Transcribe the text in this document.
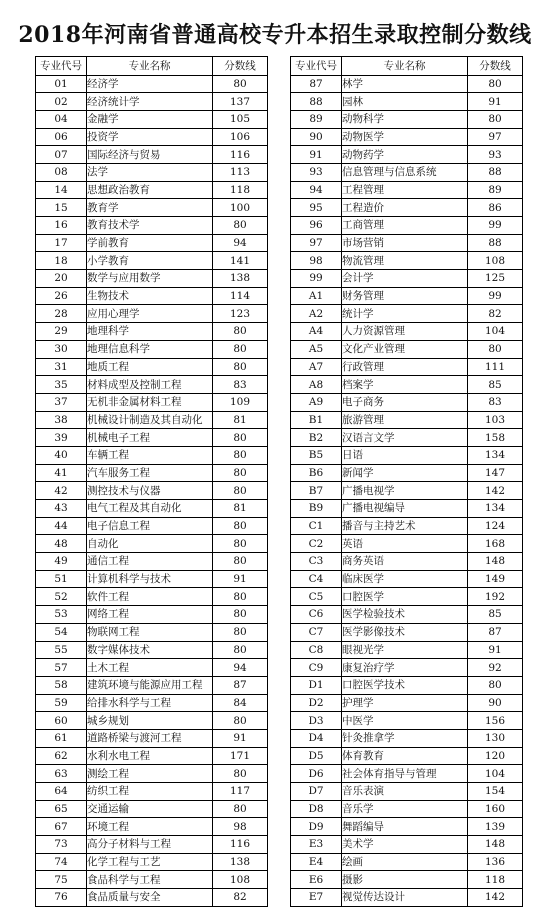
2018年河南省普通高校专升本招生录取控制分数线
专业代号	专业名称	分数线
01	经济学	80
02	经济统计学	137
04	金融学	105
06	投资学	106
07	国际经济与贸易	116
08	法学	113
14	思想政治教育	118
15	教育学	100
16	教育技术学	80
17	学前教育	94
18	小学教育	141
20	数学与应用数学	138
26	生物技术	114
28	应用心理学	123
29	地理科学	80
30	地理信息科学	80
31	地质工程	80
35	材料成型及控制工程	83
37	无机非金属材料工程	109
38	机械设计制造及其自动化	81
39	机械电子工程	80
40	车辆工程	80
41	汽车服务工程	80
42	测控技术与仪器	80
43	电气工程及其自动化	81
44	电子信息工程	80
48	自动化	80
49	通信工程	80
51	计算机科学与技术	91
52	软件工程	80
53	网络工程	80
54	物联网工程	80
55	数字媒体技术	80
57	土木工程	94
58	建筑环境与能源应用工程	87
59	给排水科学与工程	84
60	城乡规划	80
61	道路桥梁与渡河工程	91
62	水利水电工程	171
63	测绘工程	80
64	纺织工程	117
65	交通运输	80
67	环境工程	98
73	高分子材料与工程	116
74	化学工程与工艺	138
75	食品科学与工程	108
76	食品质量与安全	82
专业代号	专业名称	分数线
87	林学	80
88	园林	91
89	动物科学	80
90	动物医学	97
91	动物药学	93
93	信息管理与信息系统	88
94	工程管理	89
95	工程造价	86
96	工商管理	99
97	市场营销	88
98	物流管理	108
99	会计学	125
A1	财务管理	99
A2	统计学	82
A4	人力资源管理	104
A5	文化产业管理	80
A7	行政管理	111
A8	档案学	85
A9	电子商务	83
B1	旅游管理	103
B2	汉语言文学	158
B5	日语	134
B6	新闻学	147
B7	广播电视学	142
B9	广播电视编导	134
C1	播音与主持艺术	124
C2	英语	168
C3	商务英语	148
C4	临床医学	149
C5	口腔医学	192
C6	医学检验技术	85
C7	医学影像技术	87
C8	眼视光学	91
C9	康复治疗学	92
D1	口腔医学技术	80
D2	护理学	90
D3	中医学	156
D4	针灸推拿学	130
D5	体育教育	120
D6	社会体育指导与管理	104
D7	音乐表演	154
D8	音乐学	160
D9	舞蹈编导	139
E3	美术学	148
E4	绘画	136
E6	摄影	118
E7	视觉传达设计	142
